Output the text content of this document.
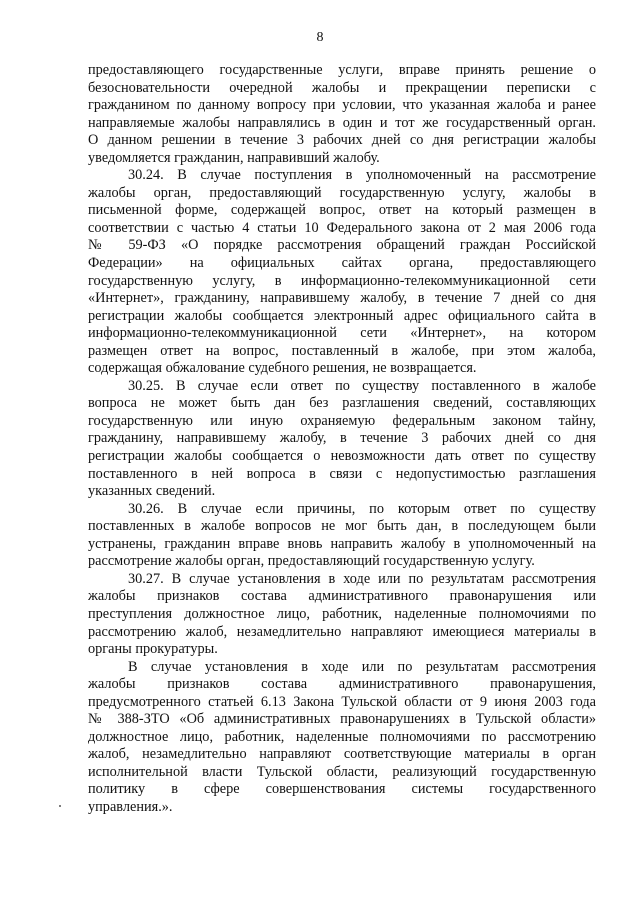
8
предоставляющего государственные услуги, вправе принять решение о
безосновательности очередной жалобы и прекращении переписки с
гражданином по данному вопросу при условии, что указанная жалоба и ранее
направляемые жалобы направлялись в один и тот же государственный орган.
О данном решении в течение 3 рабочих дней со дня регистрации жалобы
уведомляется гражданин, направивший жалобу.
30.24. В случае поступления в уполномоченный на рассмотрение
жалобы орган, предоставляющий государственную услугу, жалобы в
письменной форме, содержащей вопрос, ответ на который размещен в
соответствии с частью 4 статьи 10 Федерального закона от 2 мая 2006 года
№ 59-ФЗ «О порядке рассмотрения обращений граждан Российской
Федерации» на официальных сайтах органа, предоставляющего
государственную услугу, в информационно-телекоммуникационной сети
«Интернет», гражданину, направившему жалобу, в течение 7 дней со дня
регистрации жалобы сообщается электронный адрес официального сайта в
информационно-телекоммуникационной сети «Интернет», на котором
размещен ответ на вопрос, поставленный в жалобе, при этом жалоба,
содержащая обжалование судебного решения, не возвращается.
30.25. В случае если ответ по существу поставленного в жалобе
вопроса не может быть дан без разглашения сведений, составляющих
государственную или иную охраняемую федеральным законом тайну,
гражданину, направившему жалобу, в течение 3 рабочих дней со дня
регистрации жалобы сообщается о невозможности дать ответ по существу
поставленного в ней вопроса в связи с недопустимостью разглашения
указанных сведений.
30.26. В случае если причины, по которым ответ по существу
поставленных в жалобе вопросов не мог быть дан, в последующем были
устранены, гражданин вправе вновь направить жалобу в уполномоченный на
рассмотрение жалобы орган, предоставляющий государственную услугу.
30.27. В случае установления в ходе или по результатам рассмотрения
жалобы признаков состава административного правонарушения или
преступления должностное лицо, работник, наделенные полномочиями по
рассмотрению жалоб, незамедлительно направляют имеющиеся материалы в
органы прокуратуры.
В случае установления в ходе или по результатам рассмотрения
жалобы признаков состава административного правонарушения,
предусмотренного статьей 6.13 Закона Тульской области от 9 июня 2003 года
№ 388-ЗТО «Об административных правонарушениях в Тульской области»
должностное лицо, работник, наделенные полномочиями по рассмотрению
жалоб, незамедлительно направляют соответствующие материалы в орган
исполнительной власти Тульской области, реализующий государственную
политику в сфере совершенствования системы государственного
управления.».
